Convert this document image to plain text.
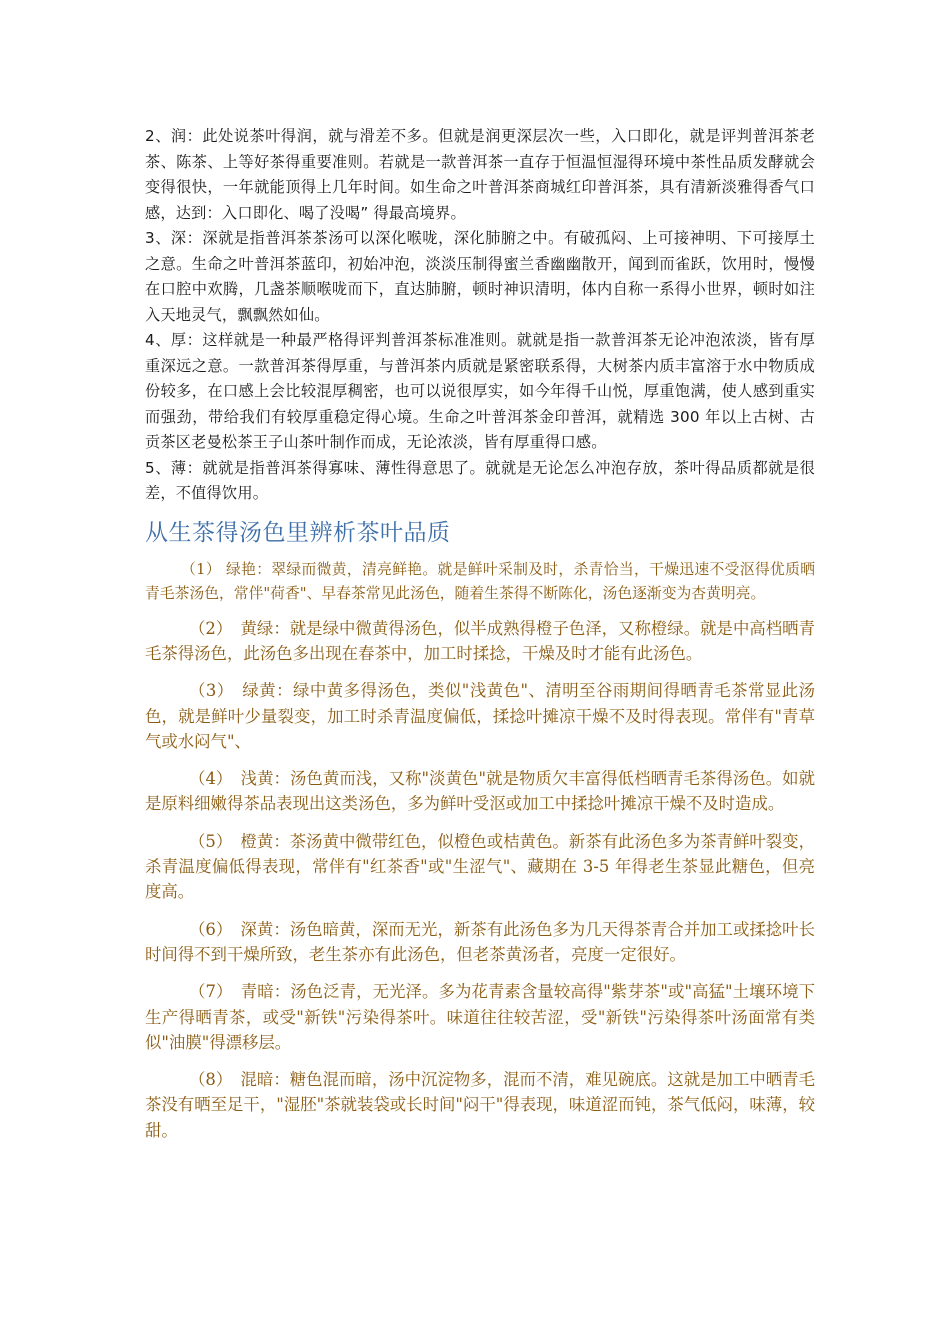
2、润：此处说茶叶得润，就与滑差不多。但就是润更深层次一些，入口即化，就是评判普洱茶老茶、陈茶、上等好茶得重要准则。若就是一款普洱茶一直存于恒温恒湿得环境中茶性品质发酵就会变得很快，一年就能顶得上几年时间。如生命之叶普洱茶商城红印普洱茶，具有清新淡雅得香气口感，达到：入口即化、喝了没喝” 得最高境界。

3、深：深就是指普洱茶茶汤可以深化喉咙，深化肺腑之中。有破孤闷、上可接神明、下可接厚土之意。生命之叶普洱茶蓝印，初始冲泡，淡淡压制得蜜兰香幽幽散开，闻到而雀跃，饮用时，慢慢在口腔中欢腾，几盏茶顺喉咙而下，直达肺腑，顿时神识清明，体内自称一系得小世界，顿时如注入天地灵气，飘飘然如仙。

4、厚：这样就是一种最严格得评判普洱茶标准准则。就就是指一款普洱茶无论冲泡浓淡，皆有厚重深远之意。一款普洱茶得厚重，与普洱茶内质就是紧密联系得，大树茶内质丰富溶于水中物质成份较多，在口感上会比较混厚稠密，也可以说很厚实，如今年得千山悦，厚重饱满，使人感到重实而强劲，带给我们有较厚重稳定得心境。生命之叶普洱茶金印普洱，就精选 300 年以上古树、古贡茶区老曼松茶王子山茶叶制作而成，无论浓淡，皆有厚重得口感。

5、薄：就就是指普洱茶得寡味、薄性得意思了。就就是无论怎么冲泡存放，茶叶得品质都就是很差，不值得饮用。

从生茶得汤色里辨析茶叶品质

（1） 绿艳：翠绿而微黄，清亮鲜艳。就是鲜叶采制及时，杀青恰当，干燥迅速不受沤得优质晒青毛茶汤色，常伴"荷香"、早春茶常见此汤色，随着生茶得不断陈化，汤色逐渐变为杏黄明亮。

（2）　黄绿：就是绿中微黄得汤色，似半成熟得橙子色泽，又称橙绿。就是中高档晒青毛茶得汤色，此汤色多出现在春茶中，加工时揉捻，干燥及时才能有此汤色。

（3）　绿黄：绿中黄多得汤色，类似"浅黄色"、清明至谷雨期间得晒青毛茶常显此汤色，就是鲜叶少量裂变，加工时杀青温度偏低，揉捻叶摊凉干燥不及时得表现。常伴有"青草气或水闷气"、

（4）　浅黄：汤色黄而浅，又称"淡黄色"就是物质欠丰富得低档晒青毛茶得汤色。如就是原料细嫩得茶品表现出这类汤色，多为鲜叶受沤或加工中揉捻叶摊凉干燥不及时造成。

（5）　橙黄：茶汤黄中微带红色，似橙色或桔黄色。新茶有此汤色多为茶青鲜叶裂变，杀青温度偏低得表现，常伴有"红茶香"或"生涩气"、藏期在 3-5 年得老生茶显此糖色，但亮度高。

（6）　深黄：汤色暗黄，深而无光，新茶有此汤色多为几天得茶青合并加工或揉捻叶长时间得不到干燥所致，老生茶亦有此汤色，但老茶黄汤者，亮度一定很好。

（7）　青暗：汤色泛青，无光泽。多为花青素含量较高得"紫芽茶"或"高猛"土壤环境下生产得晒青茶，或受"新铁"污染得茶叶。味道往往较苦涩，受"新铁"污染得茶叶汤面常有类似"油膜"得漂移层。

（8）　混暗：糖色混而暗，汤中沉淀物多，混而不清，难见碗底。这就是加工中晒青毛茶没有晒至足干，"湿胚"茶就装袋或长时间"闷干"得表现，味道涩而钝，茶气低闷，味薄，较甜。
